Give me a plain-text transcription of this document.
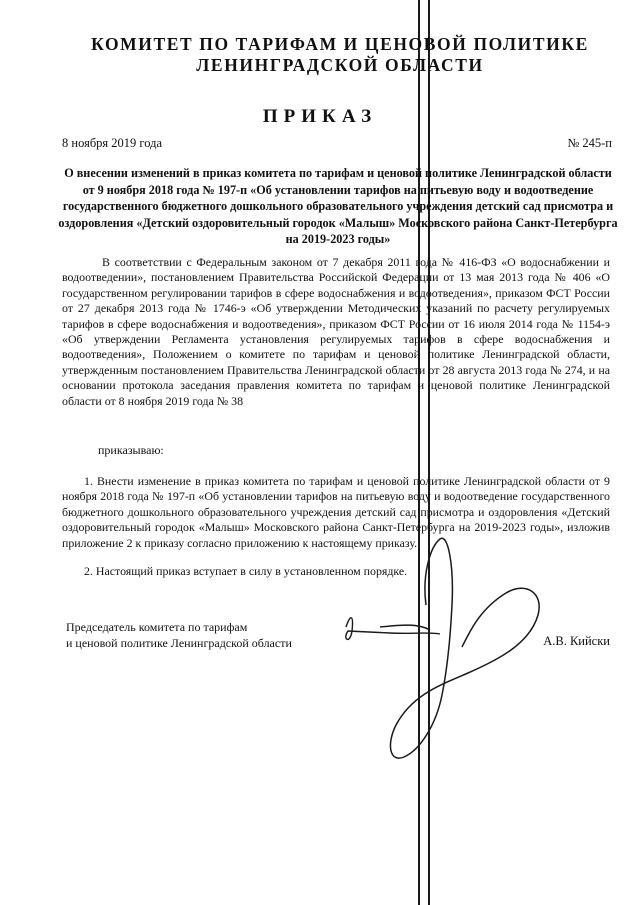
КОМИТЕТ ПО ТАРИФАМ И ЦЕНОВОЙ ПОЛИТИКЕ
ЛЕНИНГРАДСКОЙ ОБЛАСТИ
ПРИКАЗ
8 ноября 2019 года	№ 245-п

О внесении изменений в приказ комитета по тарифам и ценовой политике Ленинградской области от 9 ноября 2018 года № 197-п «Об установлении тарифов на питьевую воду и водоотведение государственного бюджетного дошкольного образовательного учреждения детский сад присмотра и оздоровления «Детский оздоровительный городок «Малыш» Московского района Санкт-Петербурга на 2019-2023 годы»

В соответствии с Федеральным законом от 7 декабря 2011 года № 416-ФЗ «О водоснабжении и водоотведении», постановлением Правительства Российской Федерации от 13 мая 2013 года № 406 «О государственном регулировании тарифов в сфере водоснабжения и водоотведения», приказом ФСТ России от 27 декабря 2013 года № 1746-э «Об утверждении Методических указаний по расчету регулируемых тарифов в сфере водоснабжения и водоотведения», приказом ФСТ России от 16 июля 2014 года № 1154-э «Об утверждении Регламента установления регулируемых тарифов в сфере водоснабжения и водоотведения», Положением о комитете по тарифам и ценовой политике Ленинградской области, утвержденным постановлением Правительства Ленинградской области от 28 августа 2013 года № 274, и на основании протокола заседания правления комитета по тарифам и ценовой политике Ленинградской области от 8 ноября 2019 года № 38

приказываю:

1. Внести изменение в приказ комитета по тарифам и ценовой политике Ленинградской области от 9 ноября 2018 года № 197-п «Об установлении тарифов на питьевую воду и водоотведение государственного бюджетного дошкольного образовательного учреждения детский сад присмотра и оздоровления «Детский оздоровительный городок «Малыш» Московского района Санкт-Петербурга на 2019-2023 годы», изложив приложение 2 к приказу согласно приложению к настоящему приказу.

2. Настоящий приказ вступает в силу в установленном порядке.

Председатель комитета по тарифам
и ценовой политике Ленинградской области	А.В. Кийски
